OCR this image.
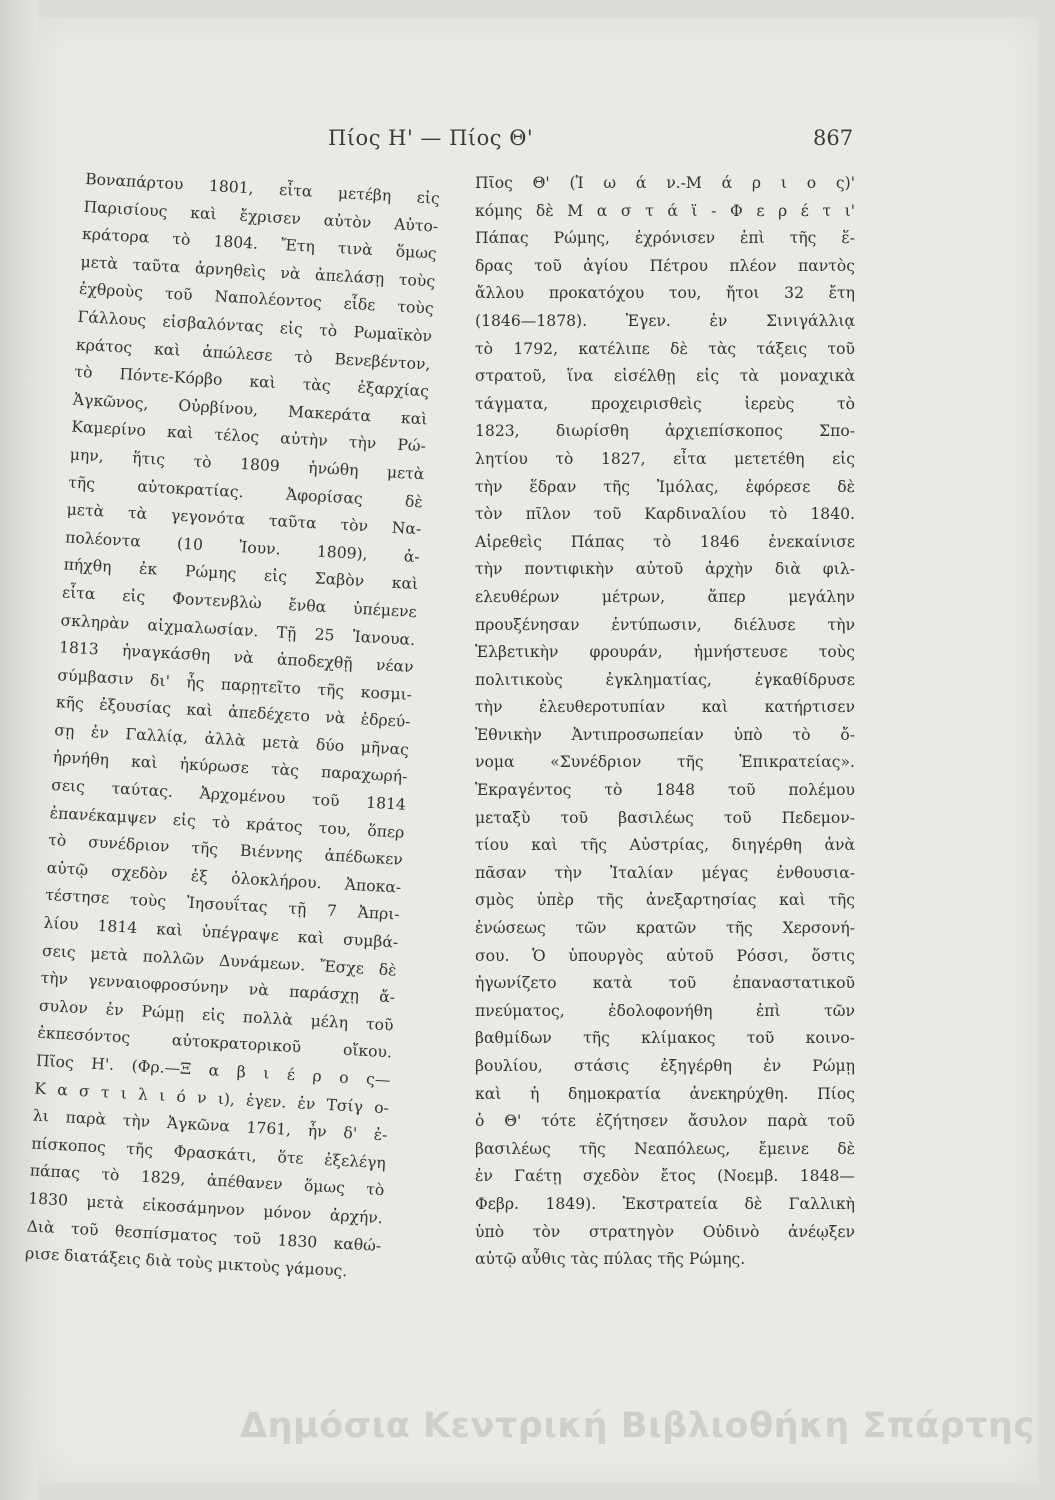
Πίος Η' — Πίος Θ'	867
Βοναπάρτου 1801, εἶτα μετέβη εἰς
Παρισίους καὶ ἔχρισεν αὐτὸν Αὐτο-
κράτορα τὸ 1804. Ἔτη τινὰ ὅμως
μετὰ ταῦτα ἀρνηθεὶς νὰ ἀπελάσῃ τοὺς
ἐχθροὺς τοῦ Ναπολέοντος εἶδε τοὺς
Γάλλους εἰσβαλόντας εἰς τὸ Ρωμαϊκὸν
κράτος καὶ ἀπώλεσε τὸ Βενεβέντον,
τὸ Πόντε-Κόρβο καὶ τὰς ἐξαρχίας
Ἀγκῶνος, Οὐρβίνου, Μακεράτα καὶ
Καμερίνο καὶ τέλος αὐτὴν τὴν Ρώ-
μην, ἥτις τὸ 1809 ἡνώθη μετὰ
τῆς αὐτοκρατίας. Ἀφορίσας δὲ
μετὰ τὰ γεγονότα ταῦτα τὸν Να-
πολέοντα (10 Ἰουν. 1809), ἀ-
πήχθη ἐκ Ρώμης εἰς Σαβὸν καὶ
εἶτα εἰς Φοντενβλὼ ἔνθα ὑπέμενε
σκληρὰν αἰχμαλωσίαν. Τῇ 25 Ἰανουα.
1813 ἠναγκάσθη νὰ ἀποδεχθῇ νέαν
σύμβασιν δι' ἧς παρῃτεῖτο τῆς κοσμι-
κῆς ἐξουσίας καὶ ἀπεδέχετο νὰ ἑδρεύ-
σῃ ἐν Γαλλίᾳ, ἀλλὰ μετὰ δύο μῆνας
ἠρνήθη καὶ ἠκύρωσε τὰς παραχωρή-
σεις ταύτας. Ἀρχομένου τοῦ 1814
ἐπανέκαμψεν εἰς τὸ κράτος του, ὅπερ
τὸ συνέδριον τῆς Βιέννης ἀπέδωκεν
αὐτῷ σχεδὸν ἐξ ὁλοκλήρου. Ἀποκα-
τέστησε τοὺς Ἰησουΐτας τῇ 7 Ἀπρι-
λίου 1814 καὶ ὑπέγραψε καὶ συμβά-
σεις μετὰ πολλῶν Δυνάμεων. Ἔσχε δὲ
τὴν γενναιοφροσύνην νὰ παράσχῃ ἄ-
συλον ἐν Ρώμῃ εἰς πολλὰ μέλη τοῦ
ἐκπεσόντος αὐτοκρατορικοῦ οἴκου.
Πῖος Η'. (Φρ.—Ξ α β ι έ ρ ο ς—
Κ α σ τ ι λ ι ό ν ι), ἐγεν. ἐν Τσίγ ο-
λι παρὰ τὴν Ἀγκῶνα 1761, ἦν δ' ἐ-
πίσκοπος τῆς Φρασκάτι, ὅτε ἐξελέγη
πάπας τὸ 1829, ἀπέθανεν ὅμως τὸ
1830 μετὰ εἰκοσάμηνον μόνον ἀρχήν.
Διὰ τοῦ θεσπίσματος τοῦ 1830 καθώ-
ρισε διατάξεις διὰ τοὺς μικτοὺς γάμους.
Πῖος Θ' (Ἰ ω ά ν.-Μ ά ρ ι ο ς)'
κόμης δὲ Μ α σ τ ά ϊ - Φ ε ρ έ τ ι'
Πάπας Ρώμης, ἐχρόνισεν ἐπὶ τῆς ἕ-
δρας τοῦ ἁγίου Πέτρου πλέον παντὸς
ἄλλου προκατόχου του, ἤτοι 32 ἔτη
(1846—1878). Ἐγεν. ἐν Σινιγάλλιᾳ
τὸ 1792, κατέλιπε δὲ τὰς τάξεις τοῦ
στρατοῦ, ἵνα εἰσέλθῃ εἰς τὰ μοναχικὰ
τάγματα, προχειρισθεὶς ἱερεὺς τὸ
1823, διωρίσθη ἀρχιεπίσκοπος Σπο-
λητίου τὸ 1827, εἶτα μετετέθη εἰς
τὴν ἕδραν τῆς Ἰμόλας, ἐφόρεσε δὲ
τὸν πῖλον τοῦ Καρδιναλίου τὸ 1840.
Αἱρεθεὶς Πάπας τὸ 1846 ἐνεκαίνισε
τὴν ποντιφικὴν αὐτοῦ ἀρχὴν διὰ φιλ-
ελευθέρων μέτρων, ἅπερ μεγάλην
προυξένησαν ἐντύπωσιν, διέλυσε τὴν
Ἑλβετικὴν φρουράν, ἠμνήστευσε τοὺς
πολιτικοὺς ἐγκληματίας, ἐγκαθίδρυσε
τὴν ἐλευθεροτυπίαν καὶ κατήρτισεν
Ἐθνικὴν Ἀντιπροσωπείαν ὑπὸ τὸ ὄ-
νομα «Συνέδριον τῆς Ἐπικρατείας».
Ἐκραγέντος τὸ 1848 τοῦ πολέμου
μεταξὺ τοῦ βασιλέως τοῦ Πεδεμον-
τίου καὶ τῆς Αὐστρίας, διηγέρθη ἀνὰ
πᾶσαν τὴν Ἰταλίαν μέγας ἐνθουσια-
σμὸς ὑπὲρ τῆς ἀνεξαρτησίας καὶ τῆς
ἑνώσεως τῶν κρατῶν τῆς Χερσονή-
σου. Ὁ ὑπουργὸς αὐτοῦ Ρόσσι, ὅστις
ἠγωνίζετο κατὰ τοῦ ἐπαναστατικοῦ
πνεύματος, ἐδολοφονήθη ἐπὶ τῶν
βαθμίδων τῆς κλίμακος τοῦ κοινο-
βουλίου, στάσις ἐξηγέρθη ἐν Ρώμῃ
καὶ ἡ δημοκρατία ἀνεκηρύχθη. Πίος
ὁ Θ' τότε ἐζήτησεν ἄσυλον παρὰ τοῦ
βασιλέως τῆς Νεαπόλεως, ἔμεινε δὲ
ἐν Γαέτῃ σχεδὸν ἔτος (Νοεμβ. 1848—
Φεβρ. 1849). Ἐκστρατεία δὲ Γαλλικὴ
ὑπὸ τὸν στρατηγὸν Οὐδινὸ ἀνέῳξεν
αὐτῷ αὖθις τὰς πύλας τῆς Ρώμης.
Δημόσια Κεντρική Βιβλιοθήκη Σπάρτης
